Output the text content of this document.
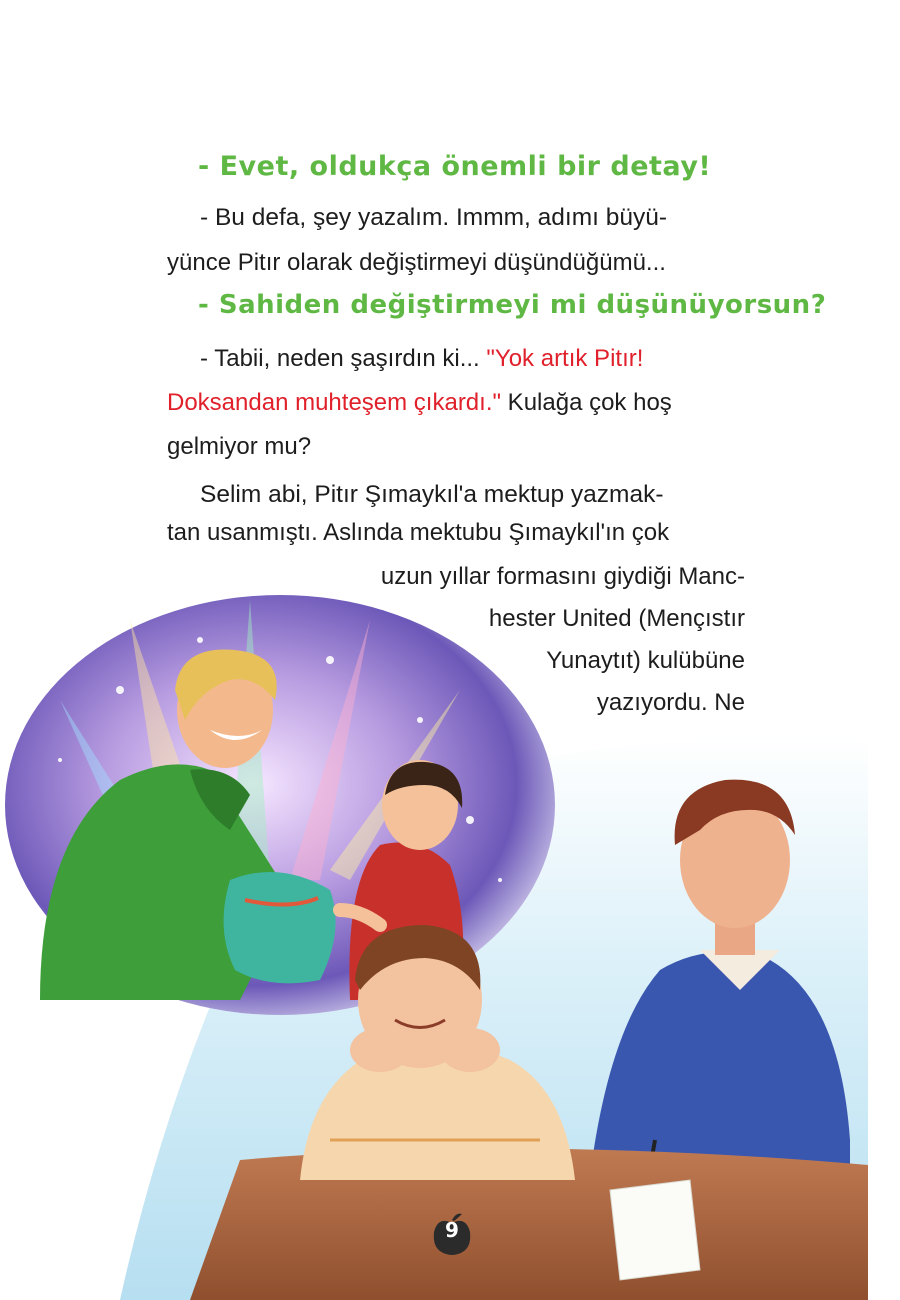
- Evet, oldukça önemli bir detay!
- Bu defa, şey yazalım. Immm, adımı büyü-
yünce Pitır olarak değiştirmeyi düşündüğümü...
- Sahiden değiştirmeyi mi düşünüyorsun?
- Tabii, neden şaşırdın ki... "Yok artık Pitır!
Doksandan muhteşem çıkardı." Kulağa çok hoş
gelmiyor mu?
Selim abi, Pitır Şımaykıl'a mektup yazmak-
tan usanmıştı. Aslında mektubu Şımaykıl'ın çok
uzun yıllar formasını giydiği Manc-
hester United (Mençıstır
Yunaytıt) kulübüne
yazıyordu. Ne
9
